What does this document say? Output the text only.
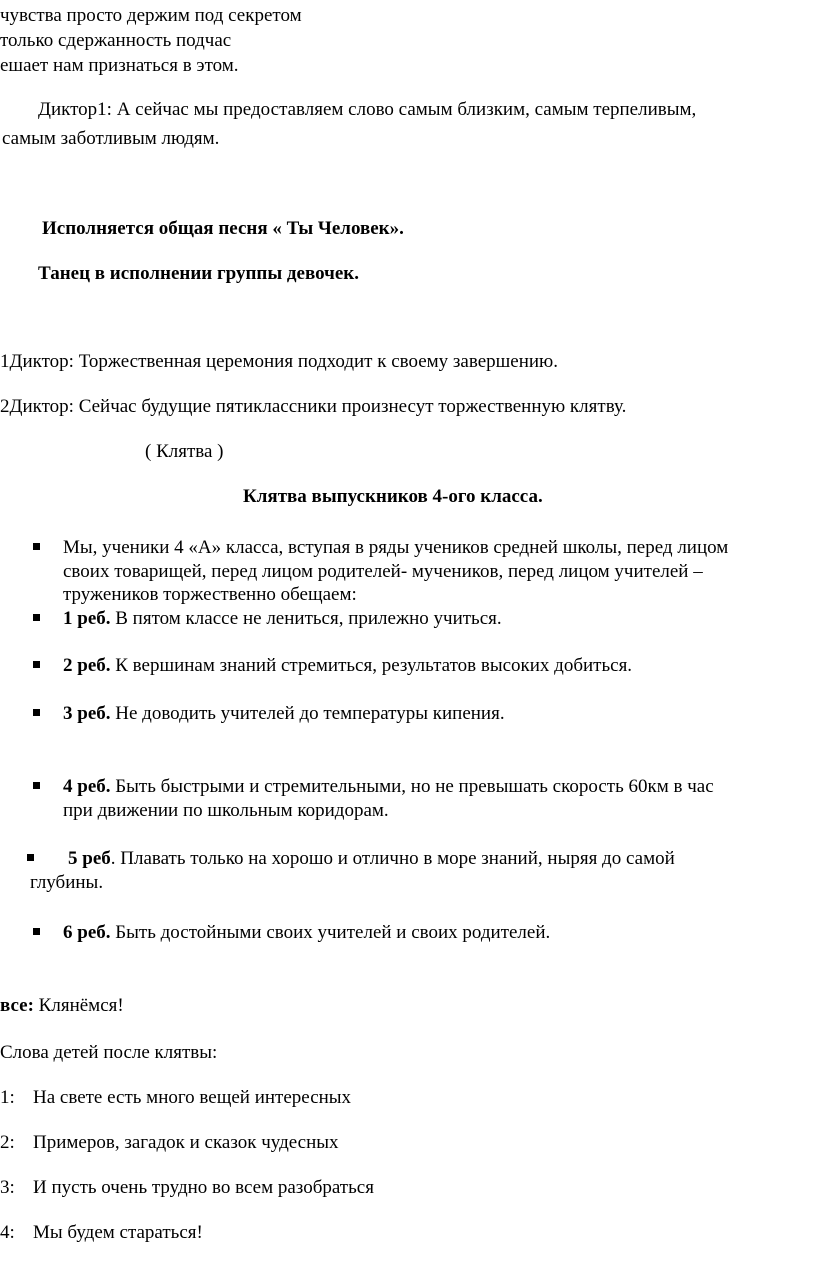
чувства просто держим под секретом
только сдержанность подчас
ешает нам признаться в этом.
Диктор1: А сейчас мы предоставляем слово самым близким, самым терпеливым,
самым заботливым людям.
Исполняется общая песня « Ты Человек».
Танец в исполнении группы девочек.
1Диктор: Торжественная церемония подходит к своему завершению.
2Диктор: Сейчас будущие пятиклассники произнесут торжественную клятву.
( Клятва )
Клятва выпускников 4-ого класса.
Мы, ученики 4 «А» класса, вступая в ряды учеников средней школы, перед лицом
своих товарищей, перед лицом родителей- мучеников, перед лицом учителей –
тружеников торжественно обещаем:
1 реб. В пятом классе не лениться, прилежно учиться.
2 реб. К вершинам знаний стремиться, результатов высоких добиться.
3 реб. Не доводить учителей до температуры кипения.
4 реб. Быть быстрыми и стремительными, но не превышать скорость 60км в час
при движении по школьным коридорам.
5 реб. Плавать только на хорошо и отлично в море знаний, ныряя до самой
глубины.
6 реб. Быть достойными своих учителей и своих родителей.
все: Клянёмся!
Слова детей после клятвы:
1: На свете есть много вещей интересных
2: Примеров, загадок и сказок чудесных
3: И пусть очень трудно во всем разобраться
4: Мы будем стараться!
